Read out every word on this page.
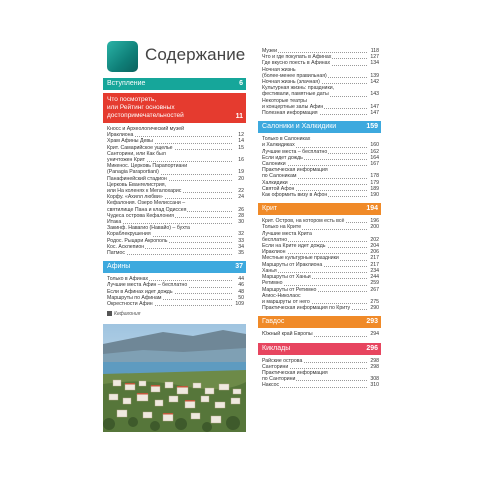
Содержание
Вступление	6
Что посмотреть,
или Рейтинг основных
достопримечательностей	11
Кносс и Археологический музей
Ираклиона	12
Храм Афины Девы	14
Крит. Самарийское ущелье	15
Санторини, или Как был
уничтожен Крит	16
Микенос. Церковь Парапортиани
(Panagia Paraportiani)	19
Панафинейский стадион	20
Церковь Евангелистрия,
или На коленях к Мегалохарис	22
Корфу. «Ахилл любви»	24
Кефалония. Озеро Мелиссани –
святилище Пана и клад Одиссея	26
Чудеса острова Кефалония	28
Итака	30
Закинф. Навагио (Навайо) – бухта
Кораблекрушения	32
Родос. Рыцари Акрополь	33
Кос. Асклепион	34
Патмос	35
Афины	37
Только в Афинах	44
Лучшие места Афин – бесплатно	46
Если в Афинах идет дождь	48
Маршруты по Афинам	50
Окрестности Афин	109
Кефалония
Музеи	118
Что и где покупать в Афинах	127
Где вкусно поесть в Афинах	134
Ночная жизнь
(более-менее правильная)	139
Ночная жизнь (злачная)	142
Культурная жизнь: праздники,
фестивали, памятные даты	143
Некоторые театры
и концертные залы Афин	147
Полезная информация	147
Салоники и Халкидики	159
Только в Салониках
и Халкидиках	160
Лучшие места – бесплатно	162
Если идет дождь	164
Салоники	167
Практическая информация
по Салоникам	178
Халкидики	179
Святой Афон	189
Как оформить визу в Афон	190
Крит	194
Крит. Остров, на котором есть всё	196
Только на Крите	200
Лучшие места Крита
бесплатно	202
Если на Крите идет дождь	204
Ираклион	206
Местные культурные праздники	217
Маршруты от Ираклиона	217
Ханья	234
Маршруты от Ханьи	244
Ретимно	259
Маршруты от Ретимно	267
Агиос-Николаос
и маршруты от него	275
Практическая информация по Криту	290
Гавдос	293
Южный край Европы	294
Киклады	296
Райские острова	298
Санторини	298
Практическая информация
по Санторини	308
Наксос	310
